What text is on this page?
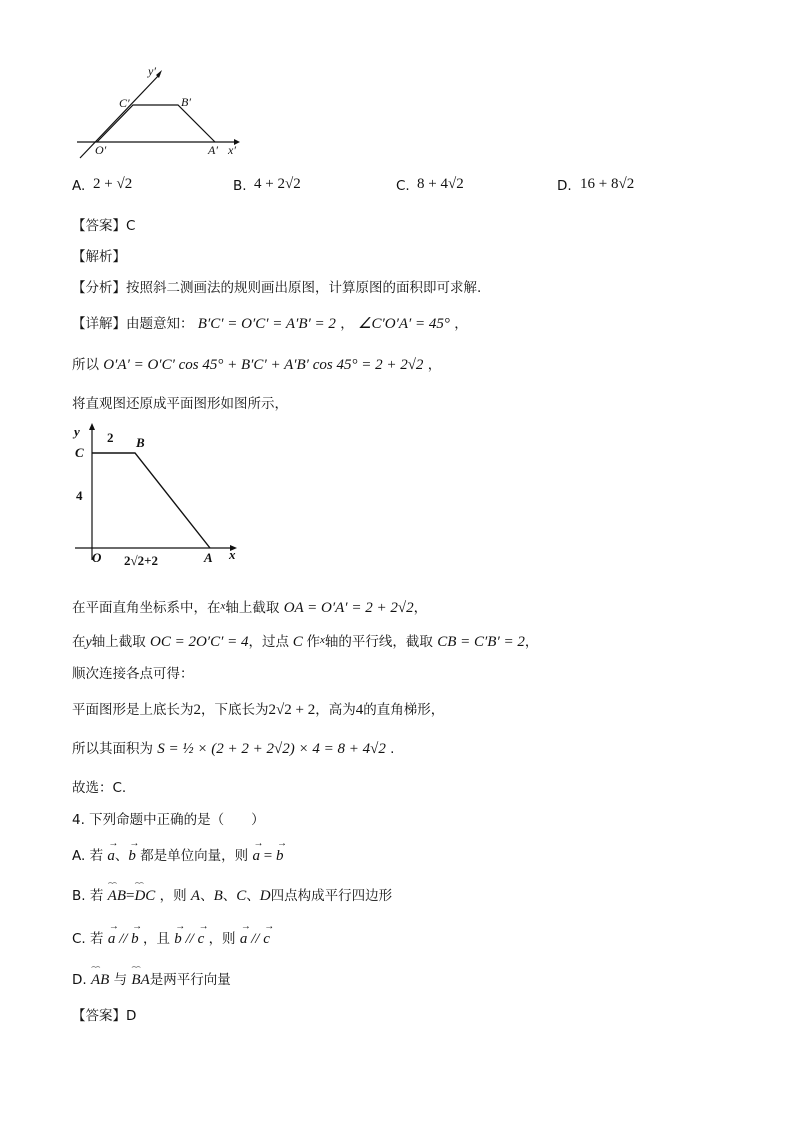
y′
C′	B′
O′	A′ x′
A. 2 + √2	B. 4 + 2√2	C. 8 + 4√2	D. 16 + 8√2
【答案】C
【解析】
【分析】按照斜二测画法的规则画出原图，计算原图的面积即可求解.
【详解】由题意知： B′C′ = O′C′ = A′B′ = 2 ， ∠C′O′A′ = 45° ，
所以 O′A′ = O′C′ cos 45° + B′C′ + A′B′ cos 45° = 2 + 2√2 ，
将直观图还原成平面图形如图所示，
y 2 B
C
4
O 2√2+2	A x
在平面直角坐标系中，在$^x$轴上截取 OA = O′A′ = 2 + 2√2，
在y轴上截取 OC = 2O′C′ = 4，过点 C 作$^x$轴的平行线，截取 CB = C′B′ = 2，
顺次连接各点可得：
平面图形是上底长为2，下底长为2√2 + 2，高为4的直角梯形，
所以其面积为 S = ½ × (2 + 2 + 2√2) × 4 = 8 + 4√2 .
故选：C.
4. 下列命题中正确的是（　　）
A. 若 → a、→ b 都是单位向量，则 → a = → b
B. 若 ⌢⌢ AB=⌢⌢ DC ，则 A、B、C、D四点构成平行四边形
C. 若 → a // → b ，且 → b // → c ，则 → a // → c
D. ⌢⌢ AB 与 ⌢⌢ BA是两平行向量
【答案】D
